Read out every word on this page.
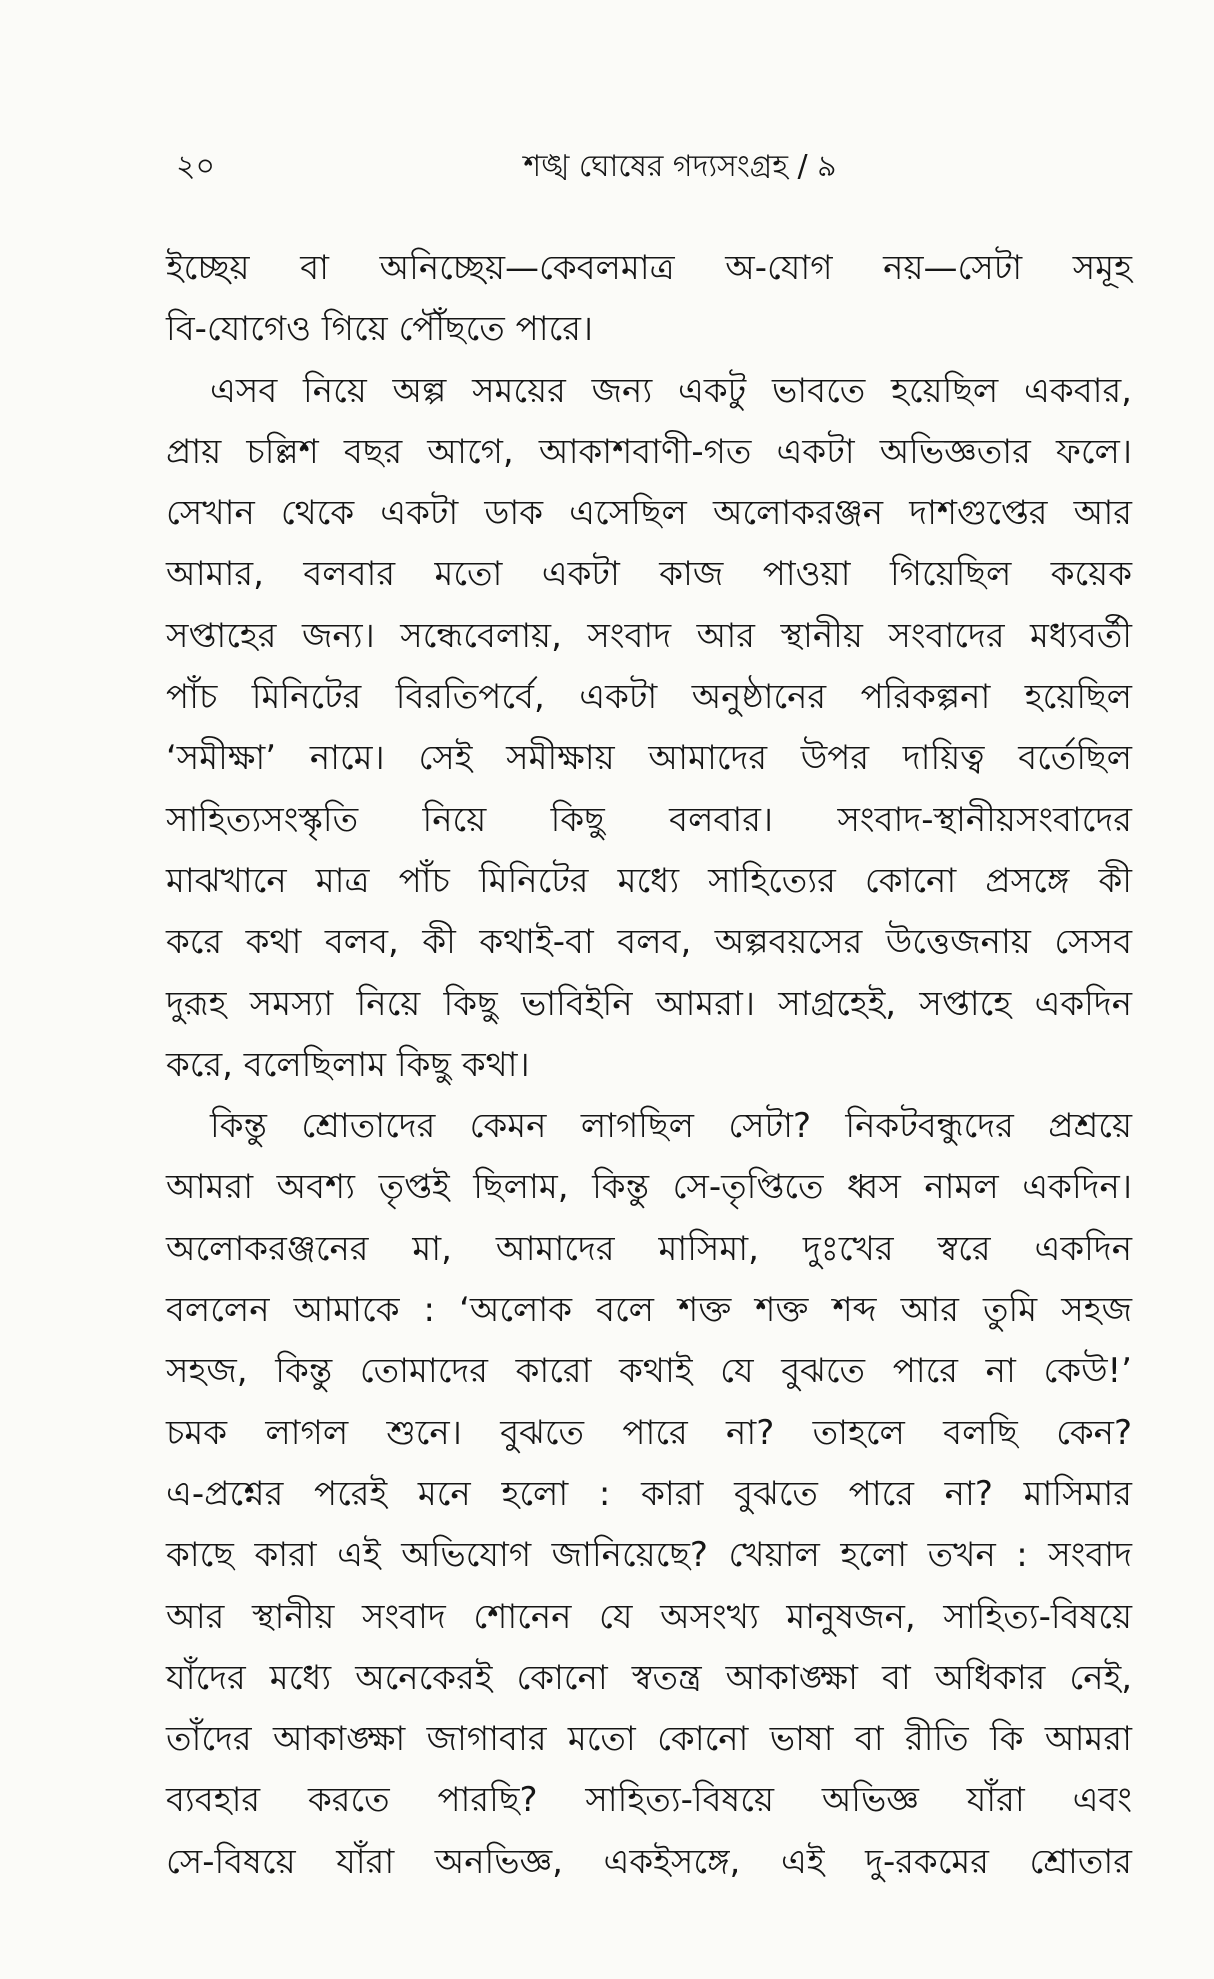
২০	শঙ্খ ঘোষের গদ্যসংগ্রহ / ৯
ইচ্ছেয় বা অনিচ্ছেয়—কেবলমাত্র অ-যোগ নয়—সেটা সমূহ
বি-যোগেও গিয়ে পৌঁছতে পারে।
এসব নিয়ে অল্প সময়ের জন্য একটু ভাবতে হয়েছিল একবার,
প্রায় চল্লিশ বছর আগে, আকাশবাণী-গত একটা অভিজ্ঞতার ফলে।
সেখান থেকে একটা ডাক এসেছিল অলোকরঞ্জন দাশগুপ্তের আর
আমার, বলবার মতো একটা কাজ পাওয়া গিয়েছিল কয়েক
সপ্তাহের জন্য। সন্ধেবেলায়, সংবাদ আর স্থানীয় সংবাদের মধ্যবর্তী
পাঁচ মিনিটের বিরতিপর্বে, একটা অনুষ্ঠানের পরিকল্পনা হয়েছিল
‘সমীক্ষা’ নামে। সেই সমীক্ষায় আমাদের উপর দায়িত্ব বর্তেছিল
সাহিত্যসংস্কৃতি নিয়ে কিছু বলবার। সংবাদ-স্থানীয়সংবাদের
মাঝখানে মাত্র পাঁচ মিনিটের মধ্যে সাহিত্যের কোনো প্রসঙ্গে কী
করে কথা বলব, কী কথাই-বা বলব, অল্পবয়সের উত্তেজনায় সেসব
দুরূহ সমস্যা নিয়ে কিছু ভাবিইনি আমরা। সাগ্রহেই, সপ্তাহে একদিন
করে, বলেছিলাম কিছু কথা।
কিন্তু শ্রোতাদের কেমন লাগছিল সেটা? নিকটবন্ধুদের প্রশ্রয়ে
আমরা অবশ্য তৃপ্তই ছিলাম, কিন্তু সে-তৃপ্তিতে ধ্বস নামল একদিন।
অলোকরঞ্জনের মা, আমাদের মাসিমা, দুঃখের স্বরে একদিন
বললেন আমাকে : ‘অলোক বলে শক্ত শক্ত শব্দ আর তুমি সহজ
সহজ, কিন্তু তোমাদের কারো কথাই যে বুঝতে পারে না কেউ!’
চমক লাগল শুনে। বুঝতে পারে না? তাহলে বলছি কেন?
এ-প্রশ্নের পরেই মনে হলো : কারা বুঝতে পারে না? মাসিমার
কাছে কারা এই অভিযোগ জানিয়েছে? খেয়াল হলো তখন : সংবাদ
আর স্থানীয় সংবাদ শোনেন যে অসংখ্য মানুষজন, সাহিত্য-বিষয়ে
যাঁদের মধ্যে অনেকেরই কোনো স্বতন্ত্র আকাঙ্ক্ষা বা অধিকার নেই,
তাঁদের আকাঙ্ক্ষা জাগাবার মতো কোনো ভাষা বা রীতি কি আমরা
ব্যবহার করতে পারছি? সাহিত্য-বিষয়ে অভিজ্ঞ যাঁরা এবং
সে-বিষয়ে যাঁরা অনভিজ্ঞ, একইসঙ্গে, এই দু-রকমের শ্রোতার
